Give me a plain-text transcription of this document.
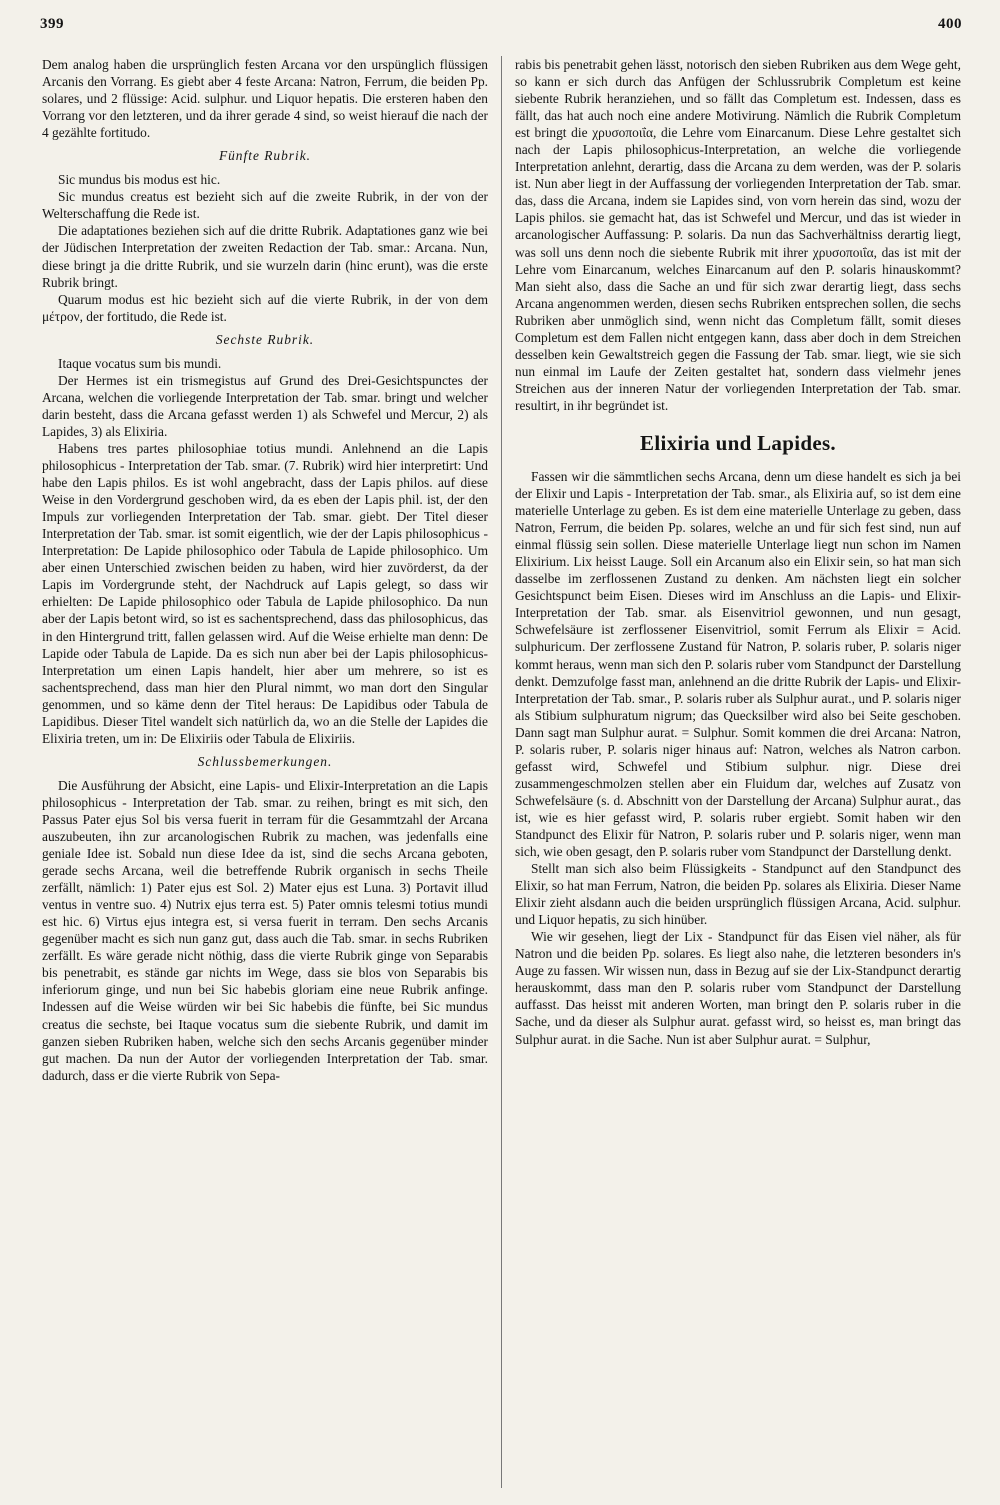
399	400

Dem analog haben die ursprünglich festen Arcana vor den urspünglich flüssigen Arcanis den Vorrang. Es giebt aber 4 feste Arcana: Natron, Ferrum, die beiden Pp. solares, und 2 flüssige: Acid. sulphur. und Liquor hepatis. Die ersteren haben den Vorrang vor den letzteren, und da ihrer gerade 4 sind, so weist hierauf die nach der 4 gezählte fortitudo.

Fünfte Rubrik.

Sic mundus bis modus est hic.

Sic mundus creatus est bezieht sich auf die zweite Rubrik, in der von der Welterschaffung die Rede ist.

Die adaptationes beziehen sich auf die dritte Rubrik. Adaptationes ganz wie bei der Jüdischen Interpretation der zweiten Redaction der Tab. smar.: Arcana. Nun, diese bringt ja die dritte Rubrik, und sie wurzeln darin (hinc erunt), was die erste Rubrik bringt.

Quarum modus est hic bezieht sich auf die vierte Rubrik, in der von dem μέτρον, der fortitudo, die Rede ist.

Sechste Rubrik.

Itaque vocatus sum bis mundi.

Der Hermes ist ein trismegistus auf Grund des Drei-Gesichtspunctes der Arcana, welchen die vorliegende Interpretation der Tab. smar. bringt und welcher darin besteht, dass die Arcana gefasst werden 1) als Schwefel und Mercur, 2) als Lapides, 3) als Elixiria.

Habens tres partes philosophiae totius mundi. Anlehnend an die Lapis philosophicus - Interpretation der Tab. smar. (7. Rubrik) wird hier interpretirt: Und habe den Lapis philos. Es ist wohl angebracht, dass der Lapis philos. auf diese Weise in den Vordergrund geschoben wird, da es eben der Lapis phil. ist, der den Impuls zur vorliegenden Interpretation der Tab. smar. giebt. Der Titel dieser Interpretation der Tab. smar. ist somit eigentlich, wie der der Lapis philosophicus - Interpretation: De Lapide philosophico oder Tabula de Lapide philosophico. Um aber einen Unterschied zwischen beiden zu haben, wird hier zuvörderst, da der Lapis im Vordergrunde steht, der Nachdruck auf Lapis gelegt, so dass wir erhielten: De Lapide philosophico oder Tabula de Lapide philosophico. Da nun aber der Lapis betont wird, so ist es sachentsprechend, dass das philosophicus, das in den Hintergrund tritt, fallen gelassen wird. Auf die Weise erhielte man denn: De Lapide oder Tabula de Lapide. Da es sich nun aber bei der Lapis philosophicus-Interpretation um einen Lapis handelt, hier aber um mehrere, so ist es sachentsprechend, dass man hier den Plural nimmt, wo man dort den Singular genommen, und so käme denn der Titel heraus: De Lapidibus oder Tabula de Lapidibus. Dieser Titel wandelt sich natürlich da, wo an die Stelle der Lapides die Elixiria treten, um in: De Elixiriis oder Tabula de Elixiriis.

Schlussbemerkungen.

Die Ausführung der Absicht, eine Lapis- und Elixir-Interpretation an die Lapis philosophicus - Interpretation der Tab. smar. zu reihen, bringt es mit sich, den Passus Pater ejus Sol bis versa fuerit in terram für die Gesammtzahl der Arcana auszubeuten, ihn zur arcanologischen Rubrik zu machen, was jedenfalls eine geniale Idee ist. Sobald nun diese Idee da ist, sind die sechs Arcana geboten, gerade sechs Arcana, weil die betreffende Rubrik organisch in sechs Theile zerfällt, nämlich: 1) Pater ejus est Sol. 2) Mater ejus est Luna. 3) Portavit illud ventus in ventre suo. 4) Nutrix ejus terra est. 5) Pater omnis telesmi totius mundi est hic. 6) Virtus ejus integra est, si versa fuerit in terram. Den sechs Arcanis gegenüber macht es sich nun ganz gut, dass auch die Tab. smar. in sechs Rubriken zerfällt. Es wäre gerade nicht nöthig, dass die vierte Rubrik ginge von Separabis bis penetrabit, es stände gar nichts im Wege, dass sie blos von Separabis bis inferiorum ginge, und nun bei Sic habebis gloriam eine neue Rubrik anfinge. Indessen auf die Weise würden wir bei Sic habebis die fünfte, bei Sic mundus creatus die sechste, bei Itaque vocatus sum die siebente Rubrik, und damit im ganzen sieben Rubriken haben, welche sich den sechs Arcanis gegenüber minder gut machen. Da nun der Autor der vorliegenden Interpretation der Tab. smar. dadurch, dass er die vierte Rubrik von Sepa-

rabis bis penetrabit gehen lässt, notorisch den sieben Rubriken aus dem Wege geht, so kann er sich durch das Anfügen der Schlussrubrik Completum est keine siebente Rubrik heranziehen, und so fällt das Completum est. Indessen, dass es fällt, das hat auch noch eine andere Motivirung. Nämlich die Rubrik Completum est bringt die χρυσοποιΐα, die Lehre vom Einarcanum. Diese Lehre gestaltet sich nach der Lapis philosophicus-Interpretation, an welche die vorliegende Interpretation anlehnt, derartig, dass die Arcana zu dem werden, was der P. solaris ist. Nun aber liegt in der Auffassung der vorliegenden Interpretation der Tab. smar. das, dass die Arcana, indem sie Lapides sind, von vorn herein das sind, wozu der Lapis philos. sie gemacht hat, das ist Schwefel und Mercur, und das ist wieder in arcanologischer Auffassung: P. solaris. Da nun das Sachverhältniss derartig liegt, was soll uns denn noch die siebente Rubrik mit ihrer χρυσοποιΐα, das ist mit der Lehre vom Einarcanum, welches Einarcanum auf den P. solaris hinauskommt? Man sieht also, dass die Sache an und für sich zwar derartig liegt, dass sechs Arcana angenommen werden, diesen sechs Rubriken entsprechen sollen, die sechs Rubriken aber unmöglich sind, wenn nicht das Completum fällt, somit dieses Completum est dem Fallen nicht entgegen kann, dass aber doch in dem Streichen desselben kein Gewaltstreich gegen die Fassung der Tab. smar. liegt, wie sie sich nun einmal im Laufe der Zeiten gestaltet hat, sondern dass vielmehr jenes Streichen aus der inneren Natur der vorliegenden Interpretation der Tab. smar. resultirt, in ihr begründet ist.

Elixiria und Lapides.

Fassen wir die sämmtlichen sechs Arcana, denn um diese handelt es sich ja bei der Elixir und Lapis - Interpretation der Tab. smar., als Elixiria auf, so ist dem eine materielle Unterlage zu geben. Es ist dem eine materielle Unterlage zu geben, dass Natron, Ferrum, die beiden Pp. solares, welche an und für sich fest sind, nun auf einmal flüssig sein sollen. Diese materielle Unterlage liegt nun schon im Namen Elixirium. Lix heisst Lauge. Soll ein Arcanum also ein Elixir sein, so hat man sich dasselbe im zerflossenen Zustand zu denken. Am nächsten liegt ein solcher Gesichtspunct beim Eisen. Dieses wird im Anschluss an die Lapis- und Elixir-Interpretation der Tab. smar. als Eisenvitriol gewonnen, und nun gesagt, Schwefelsäure ist zerflossener Eisenvitriol, somit Ferrum als Elixir = Acid. sulphuricum. Der zerflossene Zustand für Natron, P. solaris ruber, P. solaris niger kommt heraus, wenn man sich den P. solaris ruber vom Standpunct der Darstellung denkt. Demzufolge fasst man, anlehnend an die dritte Rubrik der Lapis- und Elixir-Interpretation der Tab. smar., P. solaris ruber als Sulphur aurat., und P. solaris niger als Stibium sulphuratum nigrum; das Quecksilber wird also bei Seite geschoben. Dann sagt man Sulphur aurat. = Sulphur. Somit kommen die drei Arcana: Natron, P. solaris ruber, P. solaris niger hinaus auf: Natron, welches als Natron carbon. gefasst wird, Schwefel und Stibium sulphur. nigr. Diese drei zusammengeschmolzen stellen aber ein Fluidum dar, welches auf Zusatz von Schwefelsäure (s. d. Abschnitt von der Darstellung der Arcana) Sulphur aurat., das ist, wie es hier gefasst wird, P. solaris ruber ergiebt. Somit haben wir den Standpunct des Elixir für Natron, P. solaris ruber und P. solaris niger, wenn man sich, wie oben gesagt, den P. solaris ruber vom Standpunct der Darstellung denkt.

Stellt man sich also beim Flüssigkeits - Standpunct auf den Standpunct des Elixir, so hat man Ferrum, Natron, die beiden Pp. solares als Elixiria. Dieser Name Elixir zieht alsdann auch die beiden ursprünglich flüssigen Arcana, Acid. sulphur. und Liquor hepatis, zu sich hinüber.

Wie wir gesehen, liegt der Lix - Standpunct für das Eisen viel näher, als für Natron und die beiden Pp. solares. Es liegt also nahe, die letzteren besonders in's Auge zu fassen. Wir wissen nun, dass in Bezug auf sie der Lix-Standpunct derartig herauskommt, dass man den P. solaris ruber vom Standpunct der Darstellung auffasst. Das heisst mit anderen Worten, man bringt den P. solaris ruber in die Sache, und da dieser als Sulphur aurat. gefasst wird, so heisst es, man bringt das Sulphur aurat. in die Sache. Nun ist aber Sulphur aurat. = Sulphur,
